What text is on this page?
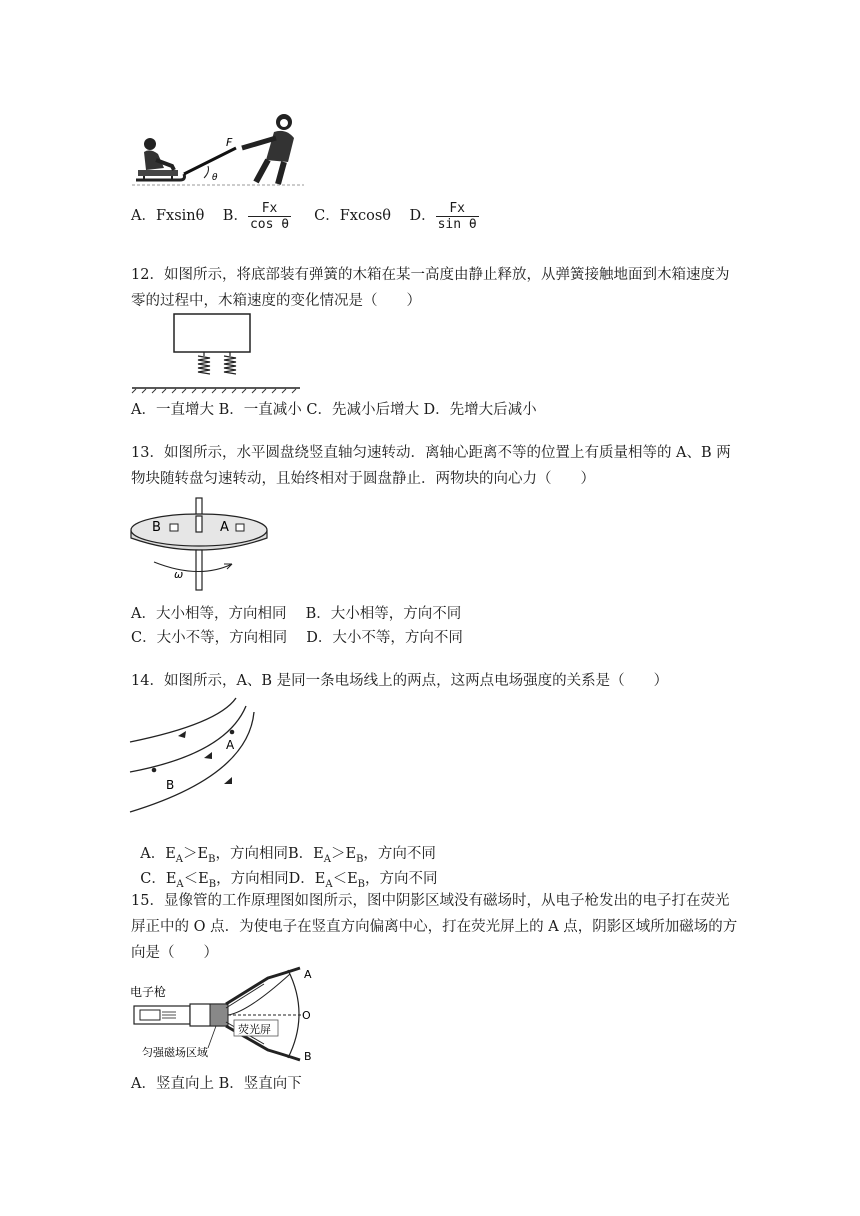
θ
F
A．Fxsinθ B． $\frac{Fx}{\text{cos θ}}$ C．Fxcosθ D． $\frac{Fx}{\text{sin θ}}$
12．如图所示，将底部装有弹簧的木箱在某一高度由静止释放，从弹簧接触地面到木箱速度为零的过程中，木箱速度的变化情况是（　　）
A．一直增大 B．一直减小 C．先减小后增大 D．先增大后减小
13．如图所示，水平圆盘绕竖直轴匀速转动．离轴心距离不等的位置上有质量相等的 A、B 两物块随转盘匀速转动，且始终相对于圆盘静止．两物块的向心力（　　）
B	A
ω
A．大小相等，方向相同　 B．大小相等，方向不同
C．大小不等，方向相同　 D．大小不等，方向不同
14．如图所示，A、B 是同一条电场线上的两点，这两点电场强度的关系是（　　）
A
B

A．$E_A>E_B$，方向相同B．$E_A>E_B$，方向不同

C．$E_A<E_B$，方向相同D．$E_A<E_B$，方向不同

15．显像管的工作原理图如图所示，图中阴影区域没有磁场时，从电子枪发出的电子打在荧光屏正中的 O 点．为使电子在竖直方向偏离中心，打在荧光屏上的 A 点，阴影区域所加磁场的方向是（　　）
A
O
B
电子枪
荧光屏
匀强磁场区域
A．竖直向上 B．竖直向下
